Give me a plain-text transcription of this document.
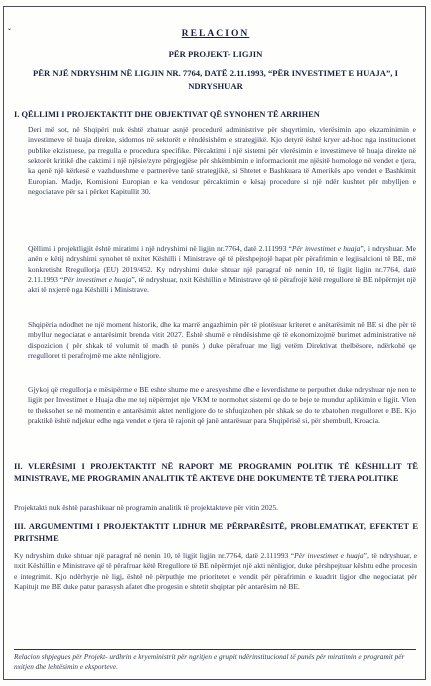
ˇ	RELACION
PËR PROJEKT- LIGJIN
PËR NJË NDRYSHIM NË LIGJIN NR. 7764, DATË 2.11.1993, “PËR INVESTIMET E HUAJA”, I NDRYSHUAR
I. QËLLIMI I PROJEKTAKTIT DHE OBJEKTIVAT QË SYNOHEN TË ARRIHEN
Deri më sot, në Shqipëri nuk është zbatuar asnjë procedurë administrive për shqyrtimin, vlerësimin apo ekzaminimin e investimeve të huaja direkte, sidomos në sektorët e rëndësishëm e strategjikë. Kjo detyrë është kryer ad-hoc nga institucionet publike ekzistuese, pa rregulla e procedura specifike. Përcaktimi i një sistemi për vlerësimin e investimeve të huaja direkte në sektorët kritikë dhe caktimi i një njësie/zyre përgjegjëse për shkëmbimin e informacionit me njësitë homologe në vendet e tjera, ka qenë një kërkesë e vazhdueshme e partnerëve tanë strategjikë, si Shtetet e Bashkuara të Amerikës apo vendet e Bashkimit Europian. Madje, Komisioni Europian e ka vendosur përcaktimin e kësaj procedure si një ndër kushtet për mbylljen e negociatave për sa i përket Kapitullit 30.
Qëllimi i projektligjit është miratimi i një ndryshimi në ligjin nr.7764, datë 2.111993 “Për investimet e huaja”, i ndryshuar. Me anën e këtij ndryshimi synohet të nxitet Këshilli i Ministrave që të përshpejtojë hapat për përafrimin e legjisalcioni të BE, më konkretisht Rregullorja (EU) 2019/452. Ky ndryshimi duke shtuar një paragraf në nenin 10, të ligjit ligjin nr.7764, datë 2.11.1993 “Për investimet e huaja”, të ndryshuar, nxit Këshillin e Ministrave që të përafrojë këtë rregullore të BE nëpërmjet një akti të nxjerrë nga Këshilli i Ministrave.
Shqipëria ndodhet ne një moment historik, dhe ka marrë angazhimin për të plotësuar kriteret e anëtarësimit në BE si dhe për të mbyllur negociatat e antarësimit brenda vitit 2027. Është shumë e rëndësishme që të ekonomizojmë burimet administrative në dispozicion ( për shkak të volumit të madh të punës ) duke përafruar me ligj vetëm Direktivat thelbësore, ndërkohë qe rregulloret ti perafrojmë me akte nënligjore.
Gjykoj që rregullorja e mësipërme e BE eshte shume me e aresyeshme dhe e leverdishme te perputhet duke ndryshuar nje nen te ligjit per Investimet e Huaja dhe me tej nëpërmjet nje VKM te normohet sistemi qe do te beje te mundur aplikimin e ligjit. Vlen te theksohet se në momentin e antarësimit aktet nenligjore do te shfuqizohen për shkak se do te zbatohen rregulloret e BE. Kjo praktikë është ndjekur edhe nga vendet e tjera të rajonit që janë antarësuar para Shqipërisë si, për shembull, Kroacia.
II. VLERËSIMI I PROJEKTAKTIT NË RAPORT ME PROGRAMIN POLITIK TË KËSHILLIT TË MINISTRAVE, ME PROGRAMIN ANALITIK TË AKTEVE DHE DOKUMENTE TË TJERA POLITIKE
Projektakti nuk është parashikuar në programin analitik të projektakteve për vitin 2025.
III. ARGUMENTIMI I PROJEKTAKTIT LIDHUR ME PËRPARËSITË, PROBLEMATIKAT, EFEKTET E PRITSHME
Ky ndryshim duke shtuar një paragraf në nenin 10, të ligjit ligjin nr.7764, datë 2.111993 “Për investimet e huaja”, të ndryshuar, e nxit Këshillin e Ministrave që të përafruar këtë Rregullore të BE nëpërmjet një akti nënligjor, duke përshpejtuar kështu edhe procesin e integrimit. Kjo ndërhyrje në ligj, është në përputhje me prioritetet e vendit për përafrimin e kuadrit ligjor dhe negociatat për Kapitujt me BE duke patur parasysh afatet dhe progesin e shtetit shqiptar për antarësim në BE.
Relacion shpjegues për Projekt- urdhrin e kryeministrit për ngritjen e grupit ndërinstitucional të punës për miratimin e programit për nxitjen dhe lehtësimin e eksporteve.
